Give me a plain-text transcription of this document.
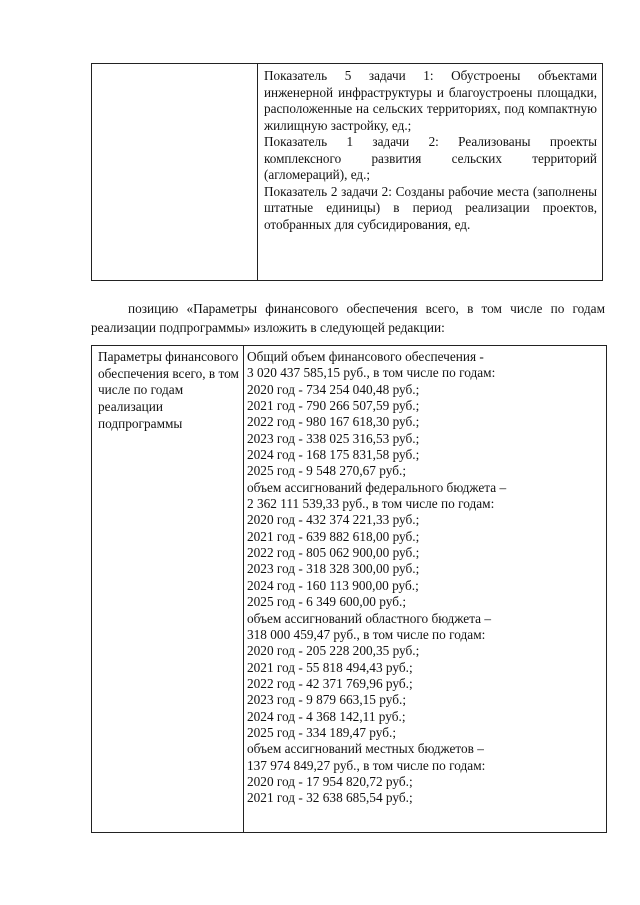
Показатель 5 задачи 1: Обустроены объектами инженерной инфраструктуры и благоустроены площадки, расположенные на сельских территориях, под компактную жилищную застройку, ед.;

Показатель 1 задачи 2: Реализованы проекты комплексного развития сельских территорий (агломераций), ед.;

Показатель 2 задачи 2: Созданы рабочие места (заполнены штатные единицы) в период реализации проектов, отобранных для субсидирования, ед.

позицию «Параметры финансового обеспечения всего, в том числе по годам реализации подпрограммы» изложить в следующей редакции:

Параметры финансового обеспечения всего, в том числе по годам реализации подпрограммы	
Общий объем финансового обеспечения -
3 020 437 585,15 руб., в том числе по годам:
2020 год - 734 254 040,48 руб.;
2021 год - 790 266 507,59 руб.;
2022 год - 980 167 618,30 руб.;
2023 год - 338 025 316,53 руб.;
2024 год - 168 175 831,58 руб.;
2025 год - 9 548 270,67 руб.;
объем ассигнований федерального бюджета –
2 362 111 539,33 руб., в том числе по годам:
2020 год - 432 374 221,33 руб.;
2021 год - 639 882 618,00 руб.;
2022 год - 805 062 900,00 руб.;
2023 год - 318 328 300,00 руб.;
2024 год - 160 113 900,00 руб.;
2025 год - 6 349 600,00 руб.;
объем ассигнований областного бюджета –
318 000 459,47 руб., в том числе по годам:
2020 год - 205 228 200,35 руб.;
2021 год - 55 818 494,43 руб.;
2022 год - 42 371 769,96 руб.;
2023 год - 9 879 663,15 руб.;
2024 год - 4 368 142,11 руб.;
2025 год - 334 189,47 руб.;
объем ассигнований местных бюджетов –
137 974 849,27 руб., в том числе по годам:
2020 год - 17 954 820,72 руб.;
2021 год - 32 638 685,54 руб.;
